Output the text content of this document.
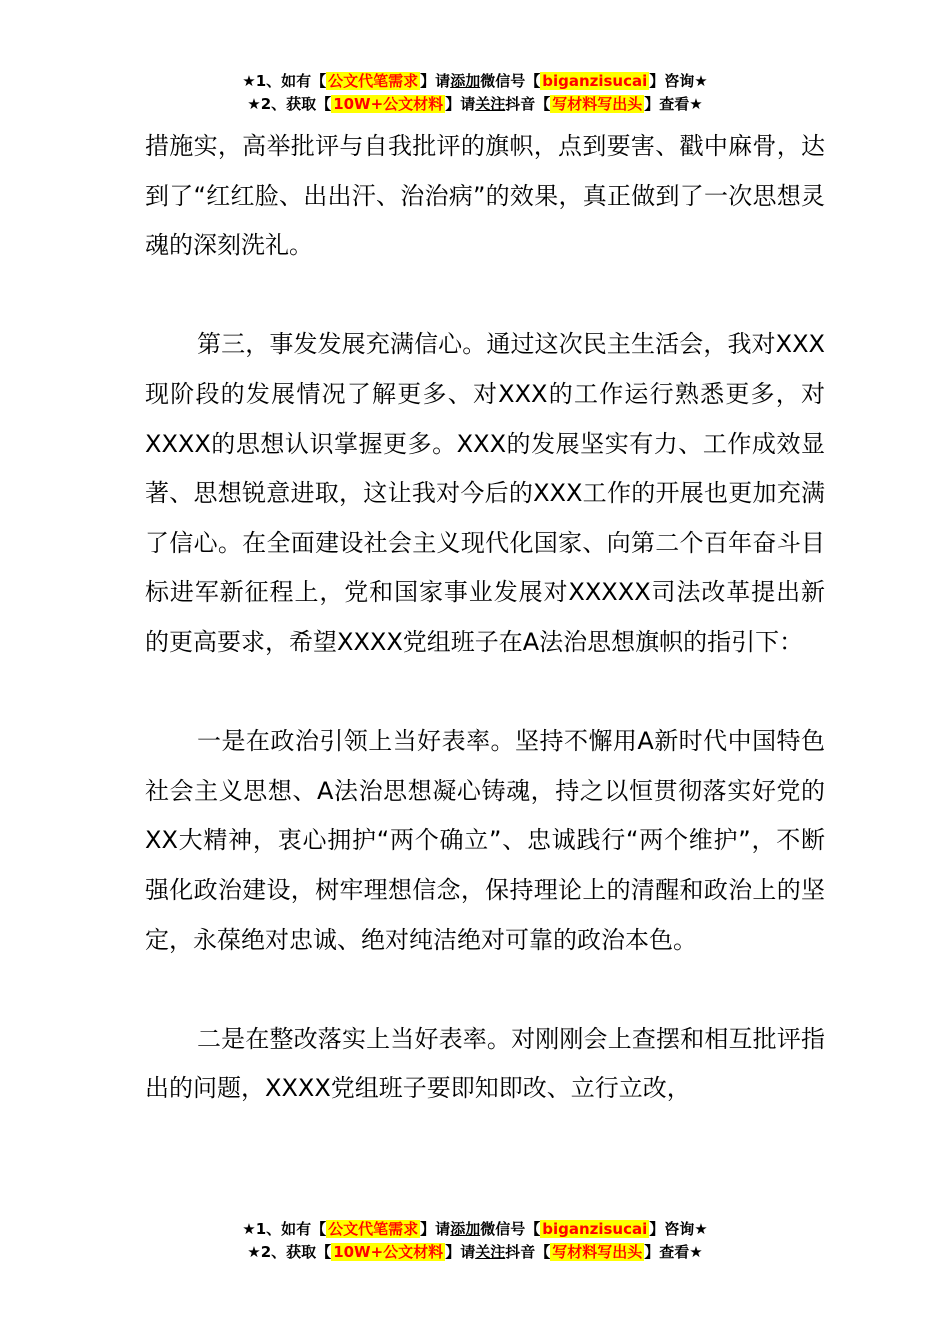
★1、如有【 公文代笔需求 】请添加微信号【 biganzisucai 】咨询★
★2、获取【 10W+公文材料 】请关注抖音【 写材料写出头 】查看★

措施实，高举批评与自我批评的旗帜，点到要害、戳中麻骨，达到了“红红脸、出出汗、治治病”的效果，真正做到了一次思想灵魂的深刻洗礼。

第三，事发发展充满信心。通过这次民主生活会，我对XXX现阶段的发展情况了解更多、对XXX的工作运行熟悉更多，对XXXX的思想认识掌握更多。XXX的发展坚实有力、工作成效显著、思想锐意进取，这让我对今后的XXX工作的开展也更加充满了信心。在全面建设社会主义现代化国家、向第二个百年奋斗目标进军新征程上，党和国家事业发展对XXXXX司法改革提出新的更高要求，希望XXXX党组班子在A法治思想旗帜的指引下：

一是在政治引领上当好表率。坚持不懈用A新时代中国特色社会主义思想、A法治思想凝心铸魂，持之以恒贯彻落实好党的XX大精神，衷心拥护“两个确立”、忠诚践行“两个维护”，不断强化政治建设，树牢理想信念，保持理论上的清醒和政治上的坚定，永葆绝对忠诚、绝对纯洁绝对可靠的政治本色。

二是在整改落实上当好表率。对刚刚会上查摆和相互批评指出的问题，XXXX党组班子要即知即改、立行立改，

★1、如有【 公文代笔需求 】请添加微信号【 biganzisucai 】咨询★
★2、获取【 10W+公文材料 】请关注抖音【 写材料写出头 】查看★
